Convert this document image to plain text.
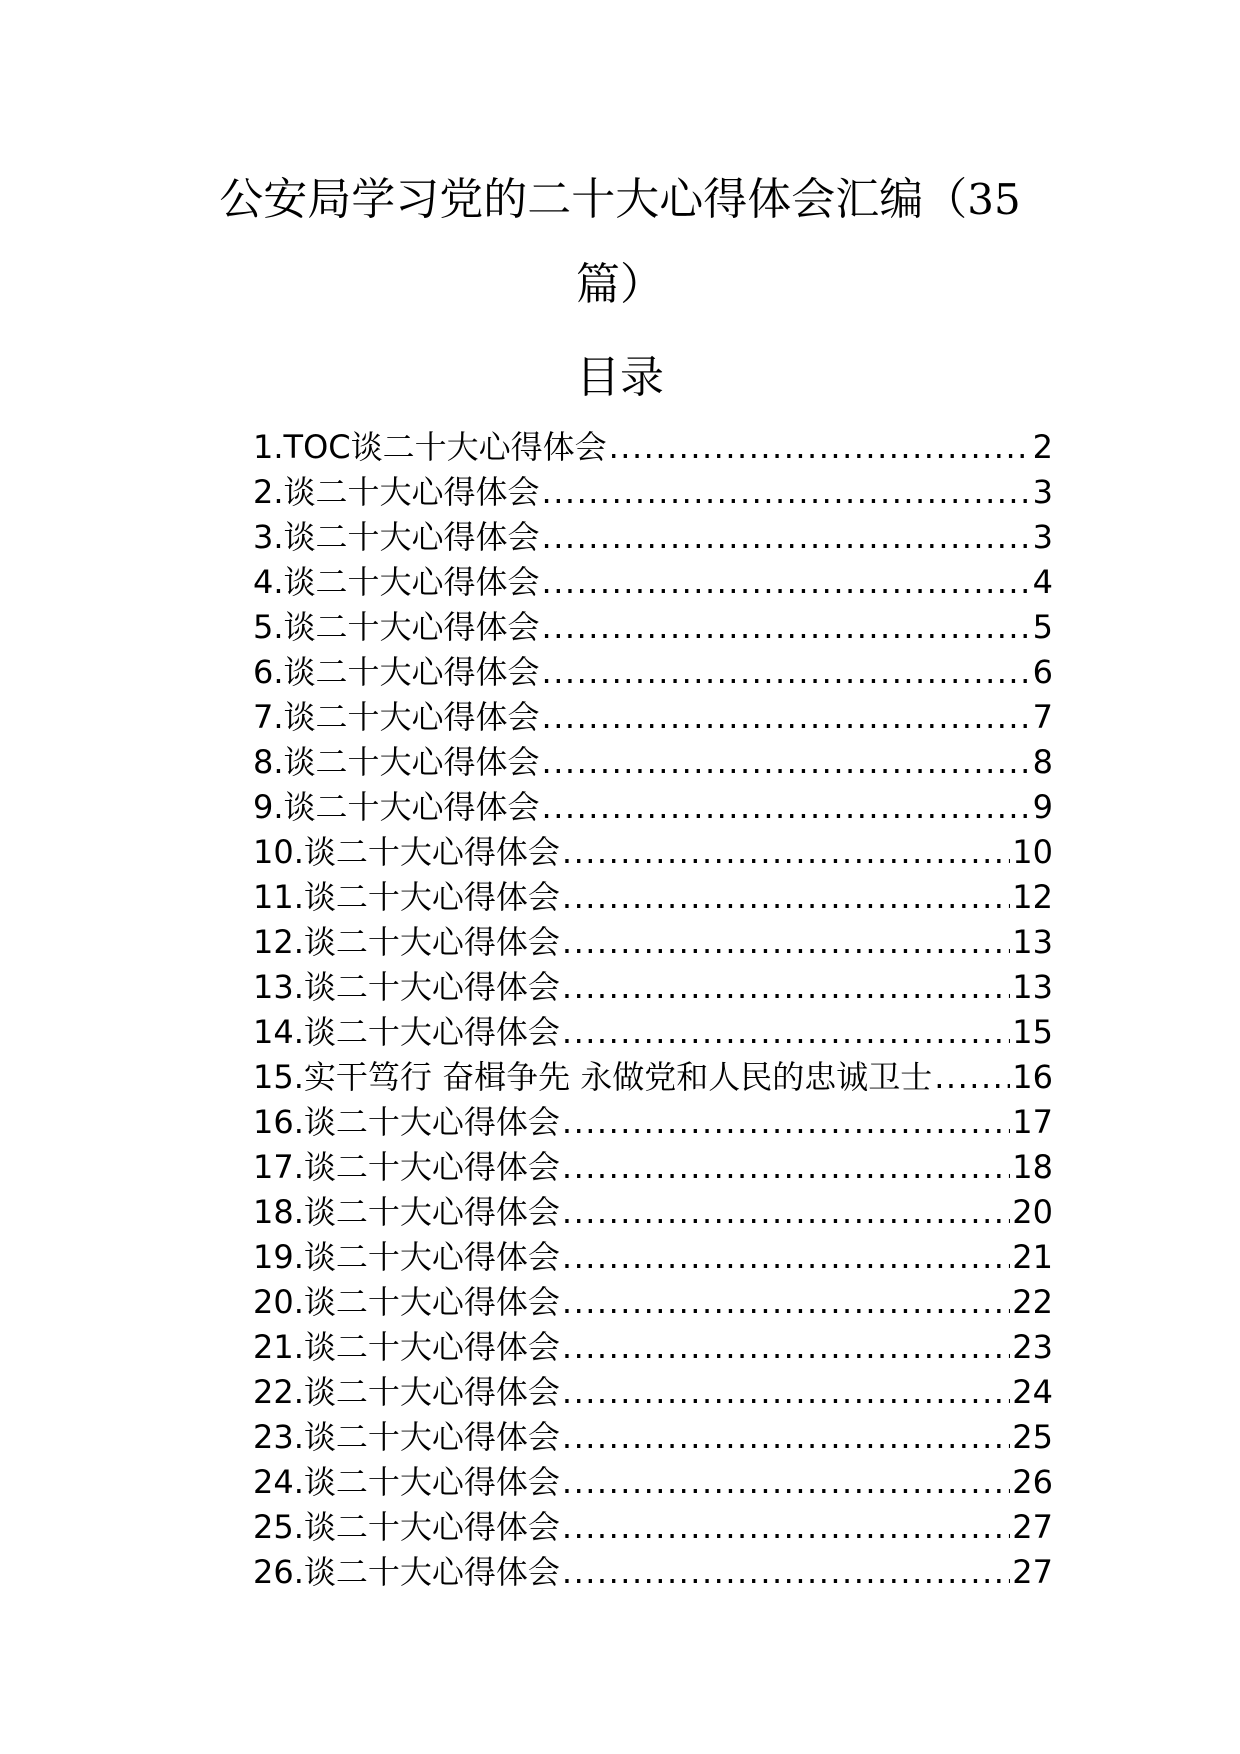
公安局学习党的二十大心得体会汇编（35
篇）
目录
1.TOC谈二十大心得体会 .....	2
2.谈二十大心得体会 .....	3
3.谈二十大心得体会 .....	3
4.谈二十大心得体会 .....	4
5.谈二十大心得体会 .....	5
6.谈二十大心得体会 .....	6
7.谈二十大心得体会 .....	7
8.谈二十大心得体会 .....	8
9.谈二十大心得体会 .....	9
10.谈二十大心得体会 .....	10
11.谈二十大心得体会 .....	12
12.谈二十大心得体会 .....	13
13.谈二十大心得体会 .....	13
14.谈二十大心得体会 .....	15
15.实干笃行 奋楫争先 永做党和人民的忠诚卫士 .....	16
16.谈二十大心得体会 .....	17
17.谈二十大心得体会 .....	18
18.谈二十大心得体会 .....	20
19.谈二十大心得体会 .....	21
20.谈二十大心得体会 .....	22
21.谈二十大心得体会 .....	23
22.谈二十大心得体会 .....	24
23.谈二十大心得体会 .....	25
24.谈二十大心得体会 .....	26
25.谈二十大心得体会 .....	27
26.谈二十大心得体会 .....	27
